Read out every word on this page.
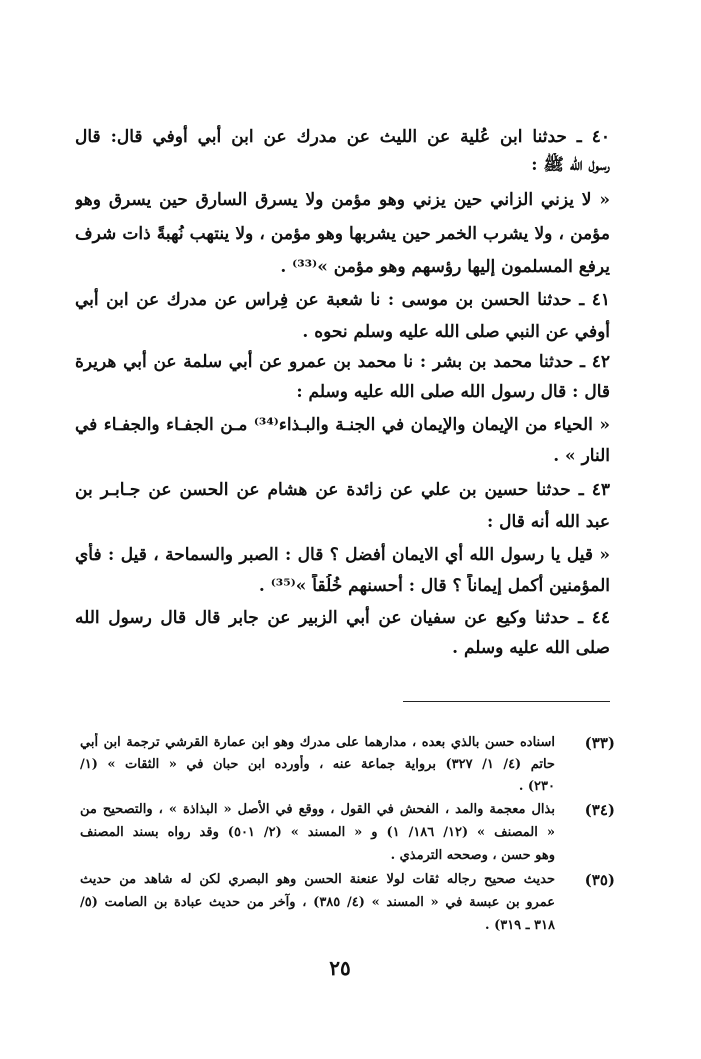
٤٠ ـ حدثنا ابن عُلية عن الليث عن مدرك عن ابن أبي أوفي قال: قال
رسول الله ﷺ :
« لا يزني الزاني حين يزني وهو مؤمن ولا يسرق السارق حين يسرق وهو
مؤمن ، ولا يشرب الخمر حين يشربها وهو مؤمن ، ولا ينتهب نُهبةً ذات شرف
يرفع المسلمون إليها رؤسهم وهو مؤمن »⁽³³⁾ .
٤١ ـ حدثنا الحسن بن موسى : نا شعبة عن فِراس عن مدرك عن ابن أبي
أوفي عن النبي صلى الله عليه وسلم نحوه .
٤٢ ـ حدثنا محمد بن بشر : نا محمد بن عمرو عن أبي سلمة عن أبي هريرة
قال : قال رسول الله صلى الله عليه وسلم :
« الحياء من الإيمان والإيمان في الجنـة والبـذاء⁽³⁴⁾ مـن الجفـاء والجفـاء في
النار » .
٤٣ ـ حدثنا حسين بن علي عن زائدة عن هشام عن الحسن عن جـابـر بن
عبد الله أنه قال :
« قيل يا رسول الله أي الايمان أفضل ؟ قال : الصبر والسماحة ، قيل : فأي
المؤمنين أكمل إيماناً ؟ قال : أحسنهم خُلُقاً »⁽³⁵⁾ .
٤٤ ـ حدثنا وكيع عن سفيان عن أبي الزبير عن جابر قال قال رسول الله
صلى الله عليه وسلم .
(٣٣)
اسناده حسن بالذي بعده ، مدارهما على مدرك وهو ابن عمارة القرشي ترجمة ابن أبي
حاتم (٤/ ١/ ٣٢٧) برواية جماعة عنه ، وأورده ابن حبان في « الثقات » (١/
٢٣٠) .
(٣٤)
بذال معجمة والمد ، الفحش في القول ، ووقع في الأصل « البذاذة » ، والتصحيح من
« المصنف » (١٢/ ١٨٦/ ١) و « المسند » (٢/ ٥٠١) وقد رواه بسند المصنف
وهو حسن ، وصححه الترمذي .
(٣٥)
حديث صحيح رجاله ثقات لولا عنعنة الحسن وهو البصري لكن له شاهد من حديث
عمرو بن عبسة في « المسند » (٤/ ٣٨٥) ، وآخر من حديث عبادة بن الصامت (٥/
٣١٨ ـ ٣١٩) .
٢٥
